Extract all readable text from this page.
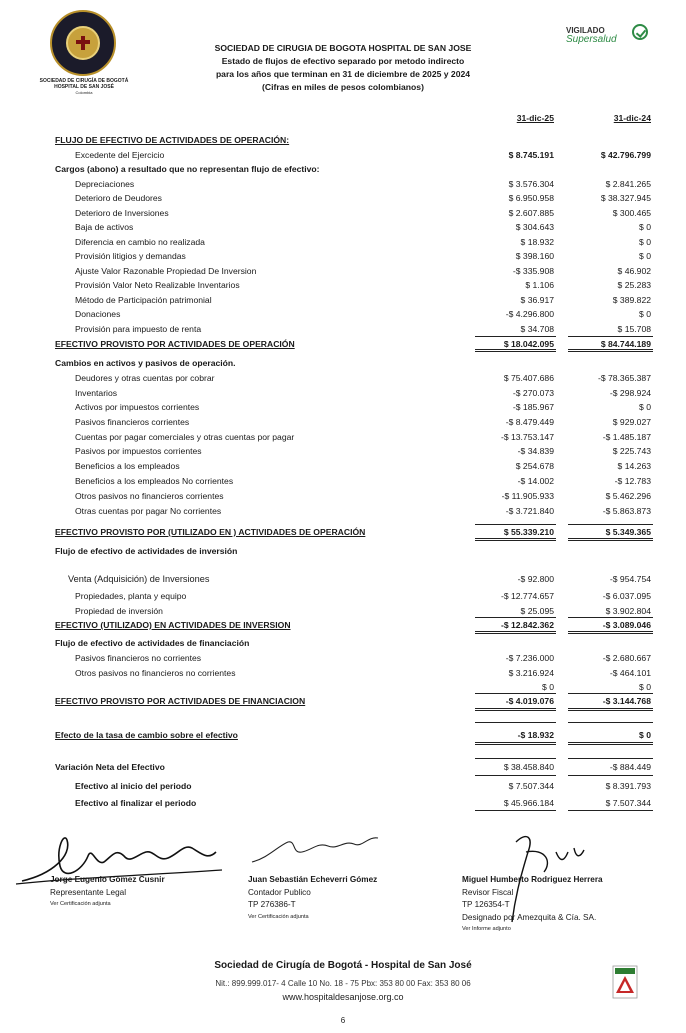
SOCIEDAD DE CIRUGÍA DE BOGOTÁ
HOSPITAL DE SAN JOSÉ
Colombia
SOCIEDAD DE CIRUGIA DE BOGOTA HOSPITAL DE SAN JOSE
Estado de flujos de efectivo separado por metodo indirecto
para los años que terminan en 31 de diciembre de 2025 y 2024
(Cifras en miles de pesos colombianos)
VIGILADO
Supersalud
31-dic-25	31-dic-24
FLUJO DE EFECTIVO DE ACTIVIDADES DE OPERACIÓN:
Excedente del Ejercicio	$ 8.745.191	$ 42.796.799
Cargos (abono) a resultado que no representan flujo de efectivo:
Depreciaciones	$ 3.576.304	$ 2.841.265
Deterioro de Deudores	$ 6.950.958	$ 38.327.945
Deterioro de Inversiones	$ 2.607.885	$ 300.465
Baja de activos	$ 304.643	$ 0
Diferencia en cambio no realizada	$ 18.932	$ 0
Provisión litigios y demandas	$ 398.160	$ 0
Ajuste Valor Razonable Propiedad De Inversion	-$ 335.908	$ 46.902
Provisión Valor Neto Realizable Inventarios	$ 1.106	$ 25.283
Método de Participación patrimonial	$ 36.917	$ 389.822
Donaciones	-$ 4.296.800	$ 0
Provisión para impuesto de renta	$ 34.708	$ 15.708
EFECTIVO PROVISTO POR ACTIVIDADES DE OPERACIÓN	$ 18.042.095	$ 84.744.189
Cambios en activos y pasivos de operación.
Deudores y otras cuentas por cobrar	$ 75.407.686	-$ 78.365.387
Inventarios	-$ 270.073	-$ 298.924
Activos por impuestos corrientes	-$ 185.967	$ 0
Pasivos financieros corrientes	-$ 8.479.449	$ 929.027
Cuentas por pagar comerciales y otras cuentas por pagar	-$ 13.753.147	-$ 1.485.187
Pasivos por impuestos corrientes	-$ 34.839	$ 225.743
Beneficios a los empleados	$ 254.678	$ 14.263
Beneficios a los empleados No corrientes	-$ 14.002	-$ 12.783
Otros pasivos no financieros corrientes	-$ 11.905.933	$ 5.462.296
Otras cuentas por pagar No corrientes	-$ 3.721.840	-$ 5.863.873
EFECTIVO PROVISTO POR (UTILIZADO EN ) ACTIVIDADES DE OPERACIÓN	$ 55.339.210	$ 5.349.365
Flujo de efectivo de actividades de inversión
Venta (Adquisición) de Inversiones	-$ 92.800	-$ 954.754
Propiedades, planta y equipo	-$ 12.774.657	-$ 6.037.095
Propiedad de inversión	$ 25.095	$ 3.902.804
EFECTIVO (UTILIZADO) EN ACTIVIDADES DE INVERSION	-$ 12.842.362	-$ 3.089.046
Flujo de efectivo de actividades de financiación
Pasivos financieros no corrientes	-$ 7.236.000	-$ 2.680.667
Otros pasivos no financieros no corrientes	$ 3.216.924	-$ 464.101
$ 0	$ 0
EFECTIVO PROVISTO POR ACTIVIDADES DE FINANCIACION	-$ 4.019.076	-$ 3.144.768
Efecto de la tasa de cambio sobre el efectivo	-$ 18.932	$ 0
Variación Neta del Efectivo	$ 38.458.840	-$ 884.449
Efectivo al inicio del periodo	$ 7.507.344	$ 8.391.793
Efectivo al finalizar el periodo	$ 45.966.184	$ 7.507.344
Jorge Eugenio Gómez Cusnir
Representante Legal
Ver Certificación adjunta
Juan Sebastián Echeverri Gómez
Contador Publico
TP 276386-T
Ver Certificación adjunta
Miguel Humberto Rodriguez Herrera
Revisor Fiscal
TP 126354-T
Designado por Amezquita & Cía. SA.
Ver Informe adjunto
Sociedad de Cirugía de Bogotá - Hospital de San José
Nit.: 899.999.017- 4 Calle 10 No. 18 - 75 Pbx: 353 80 00 Fax: 353 80 06
www.hospitaldesanjose.org.co
6
